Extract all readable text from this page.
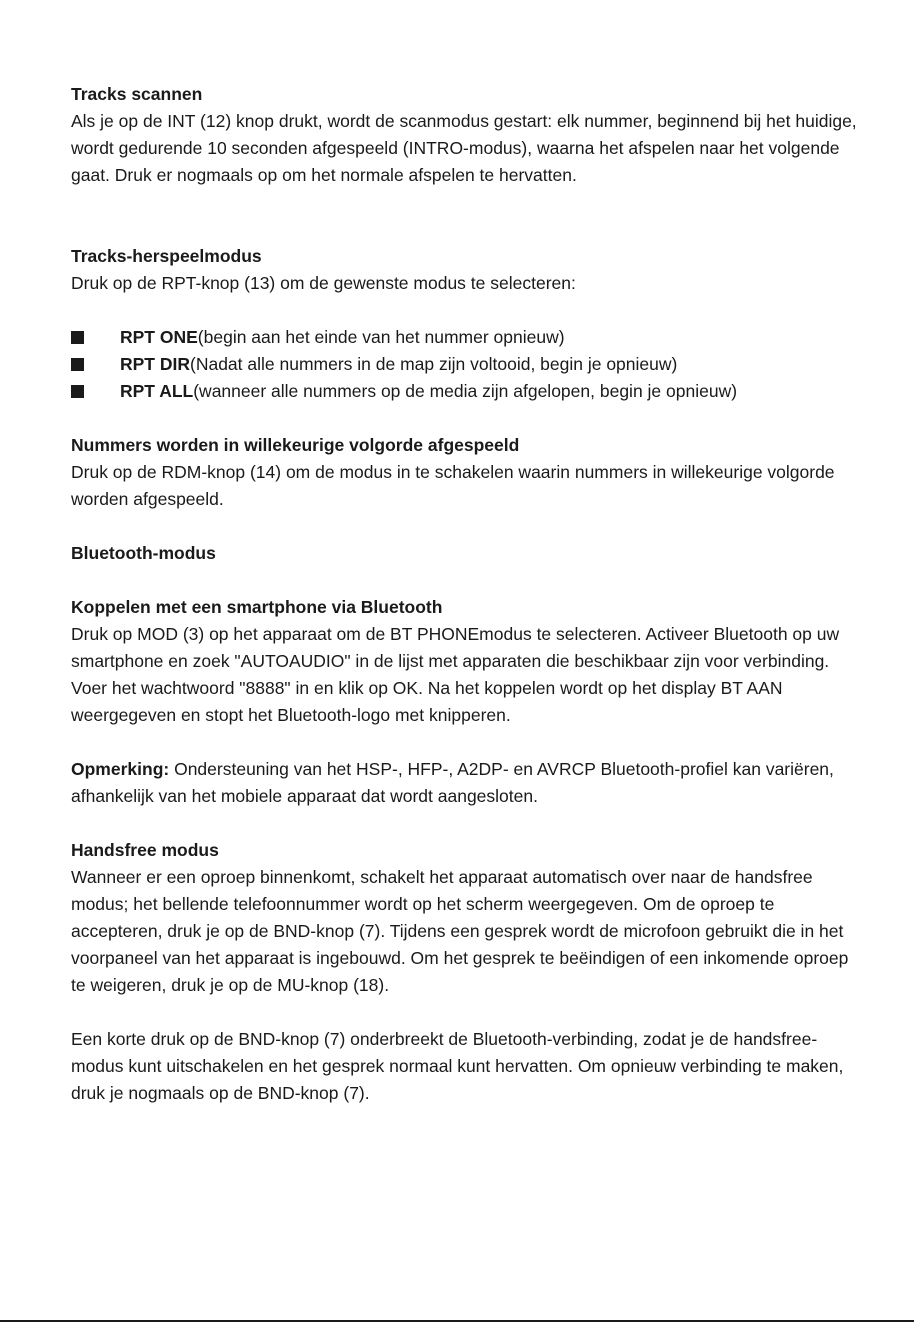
Tracks scannen

Als je op de INT (12) knop drukt, wordt de scanmodus gestart: elk nummer, beginnend bij het huidige, wordt gedurende 10 seconden afgespeeld (INTRO-modus), waarna het afspelen naar het volgende gaat. Druk er nogmaals op om het normale afspelen te hervatten.

Tracks-herspeelmodus

Druk op de RPT-knop (13) om de gewenste modus te selecteren:

RPT ONE(begin aan het einde van het nummer opnieuw)
RPT DIR(Nadat alle nummers in de map zijn voltooid, begin je opnieuw)
RPT ALL(wanneer alle nummers op de media zijn afgelopen, begin je opnieuw)

Nummers worden in willekeurige volgorde afgespeeld

Druk op de RDM-knop (14) om de modus in te schakelen waarin nummers in willekeurige volgorde worden afgespeeld.

Bluetooth-modus

Koppelen met een smartphone via Bluetooth

Druk op MOD (3) op het apparaat om de BT PHONEmodus te selecteren. Activeer Bluetooth op uw smartphone en zoek "AUTOAUDIO" in de lijst met apparaten die beschikbaar zijn voor verbinding. Voer het wachtwoord "8888" in en klik op OK. Na het koppelen wordt op het display BT AAN weergegeven en stopt het Bluetooth-logo met knipperen.

Opmerking: Ondersteuning van het HSP-, HFP-, A2DP- en AVRCP Bluetooth-profiel kan variëren, afhankelijk van het mobiele apparaat dat wordt aangesloten.

Handsfree modus

Wanneer er een oproep binnenkomt, schakelt het apparaat automatisch over naar de handsfree modus; het bellende telefoonnummer wordt op het scherm weergegeven. Om de oproep te accepteren, druk je op de BND-knop (7). Tijdens een gesprek wordt de microfoon gebruikt die in het voorpaneel van het apparaat is ingebouwd. Om het gesprek te beëindigen of een inkomende oproep te weigeren, druk je op de MU-knop (18).

Een korte druk op de BND-knop (7) onderbreekt de Bluetooth-verbinding, zodat je de handsfree-modus kunt uitschakelen en het gesprek normaal kunt hervatten. Om opnieuw verbinding te maken, druk je nogmaals op de BND-knop (7).
